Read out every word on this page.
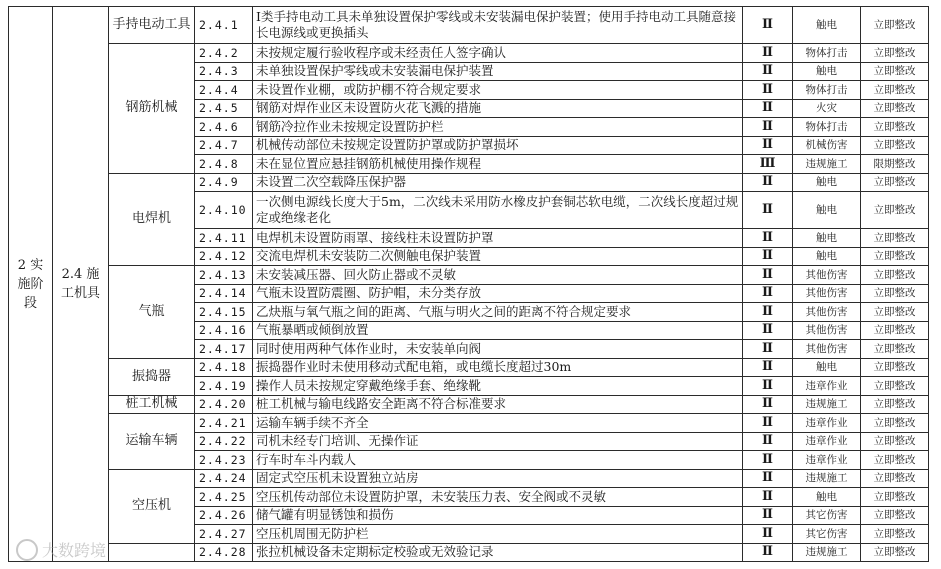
2 实施阶段	2.4 施工机具	手持电动工具	2.4.1	Ⅰ类手持电动工具未单独设置保护零线或未安装漏电保护装置；使用手持电动工具随意接长电源线或更换插头	Ⅱ	触电	立即整改
		钢筋机械	2.4.2	未按规定履行验收程序或未经责任人签字确认	Ⅱ	物体打击	立即整改
			2.4.3	未单独设置保护零线或未安装漏电保护装置	Ⅱ	触电	立即整改
			2.4.4	未设置作业棚，或防护棚不符合规定要求	Ⅱ	物体打击	立即整改
			2.4.5	钢筋对焊作业区未设置防火花飞溅的措施	Ⅱ	火灾	立即整改
			2.4.6	钢筋冷拉作业未按规定设置防护栏	Ⅱ	物体打击	立即整改
			2.4.7	机械传动部位未按规定设置防护罩或防护罩损坏	Ⅱ	机械伤害	立即整改
			2.4.8	未在显位置应悬挂钢筋机械使用操作规程	Ⅲ	违规施工	限期整改
		电焊机	2.4.9	未设置二次空载降压保护器	Ⅱ	触电	立即整改
			2.4.10	一次侧电源线长度大于5m，二次线未采用防水橡皮护套铜芯软电缆，二次线长度超过规定或绝缘老化	Ⅱ	触电	立即整改
			2.4.11	电焊机未设置防雨罩、接线柱未设置防护罩	Ⅱ	触电	立即整改
			2.4.12	交流电焊机未安装防二次侧触电保护装置	Ⅱ	触电	立即整改
		气瓶	2.4.13	未安装减压器、回火防止器或不灵敏	Ⅱ	其他伤害	立即整改
			2.4.14	气瓶未设置防震圈、防护帽，未分类存放	Ⅱ	其他伤害	立即整改
			2.4.15	乙炔瓶与氧气瓶之间的距离、气瓶与明火之间的距离不符合规定要求	Ⅱ	其他伤害	立即整改
			2.4.16	气瓶暴晒或倾倒放置	Ⅱ	其他伤害	立即整改
			2.4.17	同时使用两种气体作业时，未安装单向阀	Ⅱ	其他伤害	立即整改
		振捣器	2.4.18	振捣器作业时未使用移动式配电箱，或电缆长度超过30m	Ⅱ	触电	立即整改
			2.4.19	操作人员未按规定穿戴绝缘手套、绝缘靴	Ⅱ	违章作业	立即整改
		桩工机械	2.4.20	桩工机械与输电线路安全距离不符合标准要求	Ⅱ	违规施工	立即整改
		运输车辆	2.4.21	运输车辆手续不齐全	Ⅱ	违章作业	立即整改
			2.4.22	司机未经专门培训、无操作证	Ⅱ	违章作业	立即整改
			2.4.23	行车时车斗内载人	Ⅱ	违章作业	立即整改
		空压机	2.4.24	固定式空压机未设置独立站房	Ⅱ	违规施工	立即整改
			2.4.25	空压机传动部位未设置防护罩，未安装压力表、安全阀或不灵敏	Ⅱ	触电	立即整改
			2.4.26	储气罐有明显锈蚀和损伤	Ⅱ	其它伤害	立即整改
			2.4.27	空压机周围无防护栏	Ⅱ	其它伤害	立即整改
			2.4.28	张拉机械设备未定期标定校验或无效验记录	Ⅱ	违规施工	立即整改
大数跨境
